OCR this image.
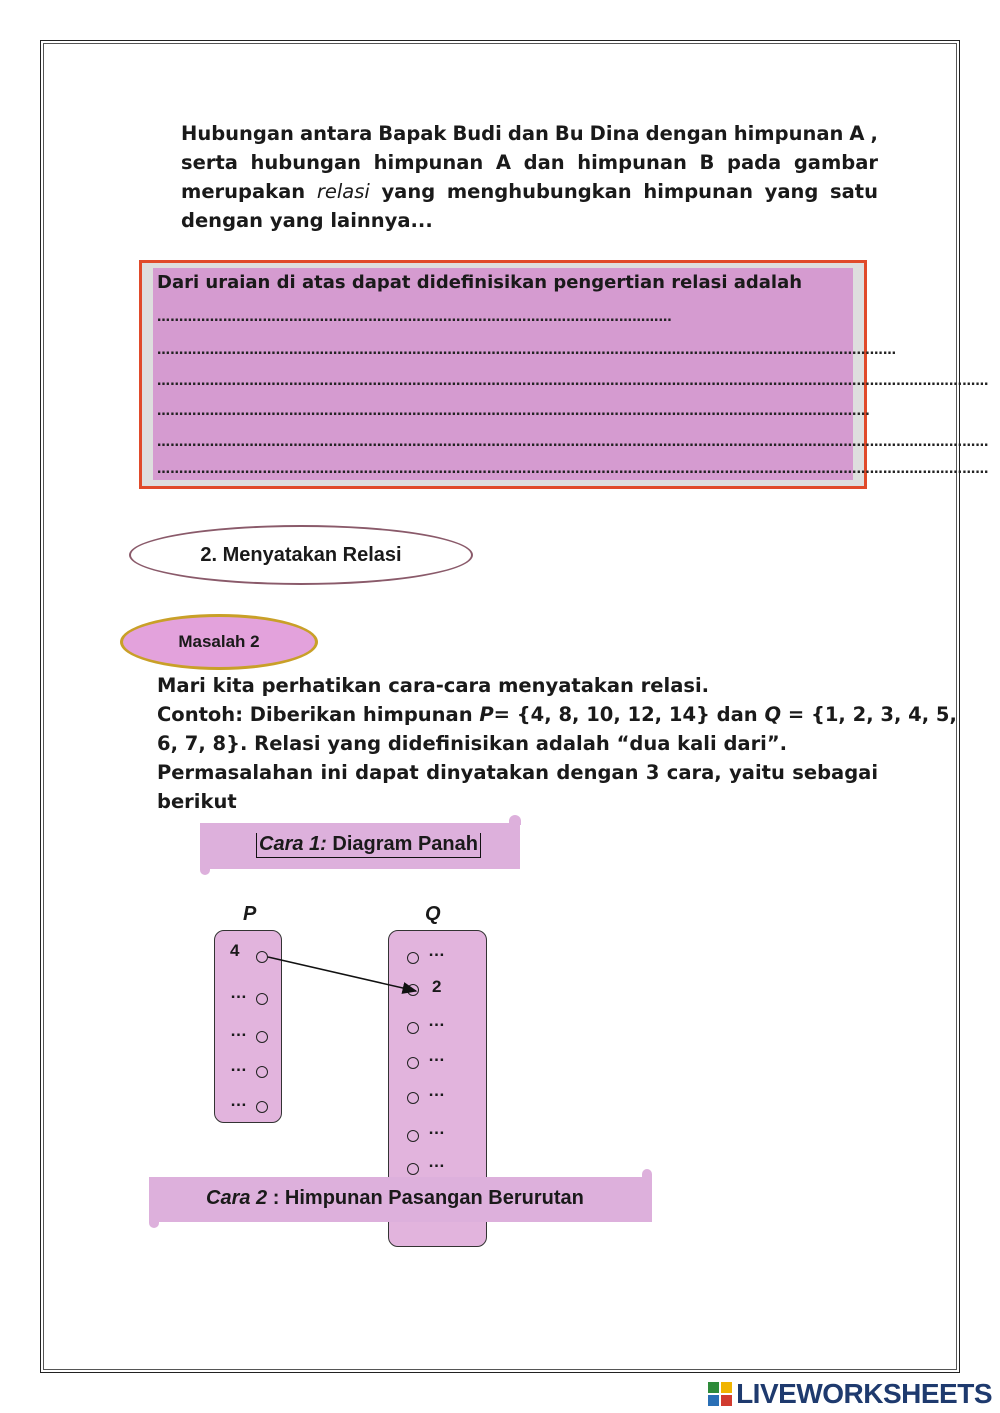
Hubungan antara Bapak Budi dan Bu Dina dengan himpunan A ,
serta hubungan himpunan A dan himpunan B pada gambar
merupakan relasi yang menghubungkan himpunan yang satu
dengan yang lainnya...
Dari uraian di atas dapat didefinisikan pengertian relasi adalah
………………………………………………………………………………………………………
……………………………………………………………………………………………………………………………………………………
………………………………………………………………………………………………………………………………………………………………………
………………………………………………………………………………………………………………………………………………
………………………………………………………………………………………………………………………………………………………………………
………………………………………………………………………………………………………………………………………………………………………
2. Menyatakan Relasi
Masalah 2
Mari kita perhatikan cara-cara menyatakan relasi.
Contoh: Diberikan himpunan P= {4, 8, 10, 12, 14} dan Q = {1, 2, 3, 4, 5,
6, 7, 8}. Relasi yang didefinisikan adalah “dua kali dari”.
Permasalahan ini dapat dinyatakan dengan 3 cara, yaitu sebagai
berikut
Cara 1: Diagram Panah
P	Q
4
…
…
…
…
…
2
…
…
…
…
…
Cara 2 : Himpunan Pasangan Berurutan
LIVEWORKSHEETS
